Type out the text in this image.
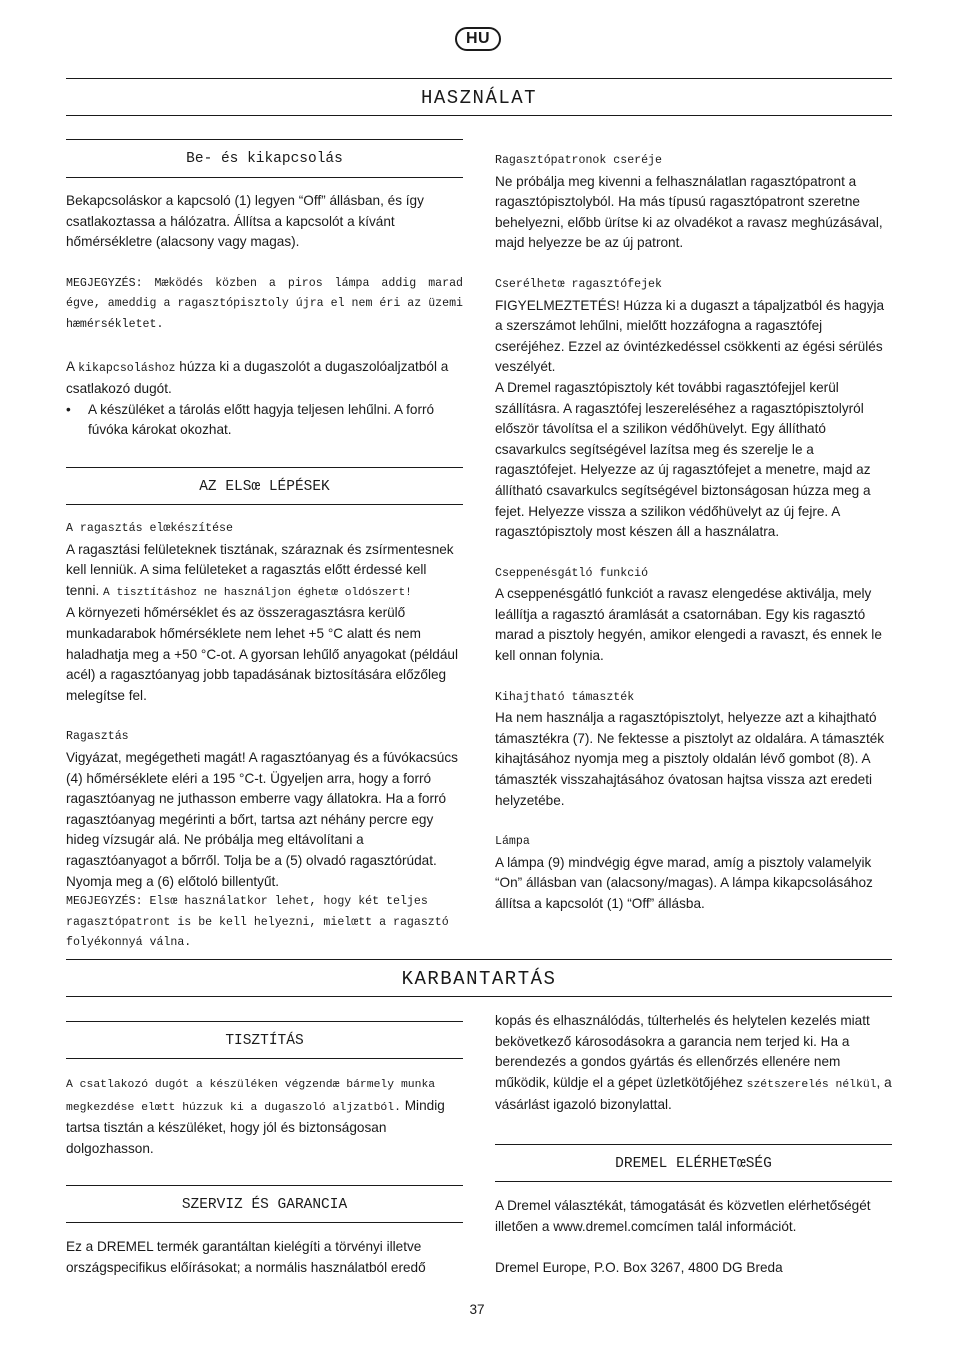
HU
HASZNÁLAT
Be- és kikapcsolás

Bekapcsoláskor a kapcsoló (1) legyen “Off” állásban, és így csatlakoztassa a hálózatra. Állítsa a kapcsolót a kívánt hőmérsékletre (alacsony vagy magas).

MEGJEGYZÉS: Mæködés közben a piros lámpa addig marad égve, ameddig a ragasztópisztoly újra el nem éri az üzemi hæmérsékletet.

A kikapcsoláshoz húzza ki a dugaszolót a dugaszolóaljzatból a csatlakozó dugót.

• A készüléket a tárolás előtt hagyja teljesen lehűlni. A forró fúvóka károkat okozhat.
AZ ELSœ LÉPÉSEK

A ragasztás elœkészítése

A ragasztási felületeknek tisztának, száraznak és zsírmentesnek kell lenniük. A sima felületeket a ragasztás előtt érdessé kell tenni. A tisztításhoz ne használjon éghetœ oldószert!

A környezeti hőmérséklet és az összeragasztásra kerülő munkadarabok hőmérséklete nem lehet +5 °C alatt és nem haladhatja meg a +50 °C-ot. A gyorsan lehűlő anyagokat (például acél) a ragasztóanyag jobb tapadásának biztosítására előzőleg melegítse fel.

Ragasztás

Vigyázat, megégetheti magát! A ragasztóanyag és a fúvókacsúcs (4) hőmérséklete eléri a 195 °C-t. Ügyeljen arra, hogy a forró ragasztóanyag ne juthasson emberre vagy állatokra. Ha a forró ragasztóanyag megérinti a bőrt, tartsa azt néhány percre egy hideg vízsugár alá. Ne próbálja meg eltávolítani a ragasztóanyagot a bőrről. Tolja be a (5) olvadó ragasztórúdat. Nyomja meg a (6) előtoló billentyűt.

MEGJEGYZÉS: Elsœ használatkor lehet, hogy két teljes ragasztópatront is be kell helyezni, mielœtt a ragasztó folyékonnyá válna.

Ragasztópatronok cseréje

Ne próbálja meg kivenni a felhasználatlan ragasztópatront a ragasztópisztolyból. Ha más típusú ragasztópatront szeretne behelyezni, előbb ürítse ki az olvadékot a ravasz meghúzásával, majd helyezze be az új patront.

Cserélhetœ ragasztófejek

FIGYELMEZTETÉS! Húzza ki a dugaszt a tápaljzatból és hagyja a szerszámot lehűlni, mielőtt hozzáfogna a ragasztófej cseréjéhez. Ezzel az óvintézkedéssel csökkenti az égési sérülés veszélyét.

A Dremel ragasztópisztoly két további ragasztófejjel kerül szállításra. A ragasztófej leszereléséhez a ragasztópisztolyról először távolítsa el a szilikon védőhüvelyt. Egy állítható csavarkulcs segítségével lazítsa meg és szerelje le a ragasztófejet. Helyezze az új ragasztófejet a menetre, majd az állítható csavarkulcs segítségével biztonságosan húzza meg a fejet. Helyezze vissza a szilikon védőhüvelyt az új fejre. A ragasztópisztoly most készen áll a használatra.

Cseppenésgátló funkció

A cseppenésgátló funkciót a ravasz elengedése aktiválja, mely leállítja a ragasztó áramlását a csatornában. Egy kis ragasztó marad a pisztoly hegyén, amikor elengedi a ravaszt, és ennek le kell onnan folynia.

Kihajtható támaszték

Ha nem használja a ragasztópisztolyt, helyezze azt a kihajtható támasztékra (7). Ne fektesse a pisztolyt az oldalára. A támaszték kihajtásához nyomja meg a pisztoly oldalán lévő gombot (8). A támaszték visszahajtásához óvatosan hajtsa vissza azt eredeti helyzetébe.

Lámpa

A lámpa (9) mindvégig égve marad, amíg a pisztoly valamelyik “On” állásban van (alacsony/magas). A lámpa kikapcsolásához állítsa a kapcsolót (1) “Off” állásba.

KARBANTARTÁS
TISZTÍTÁS

A csatlakozó dugót a készüléken végzendæ bármely munka megkezdése elœtt húzzuk ki a dugaszoló aljzatból. Mindig tartsa tisztán a készüléket, hogy jól és biztonságosan dolgozhasson.

SZERVIZ ÉS GARANCIA

Ez a DREMEL termék garantáltan kielégíti a törvényi illetve országspecifikus előírásokat; a normális használatból eredő

kopás és elhasználódás, túlterhelés és helytelen kezelés miatt bekövetkező károsodásokra a garancia nem terjed ki. Ha a berendezés a gondos gyártás és ellenőrzés ellenére nem működik, küldje el a gépet üzletkötőjéhez szétszerelés nélkül, a vásárlást igazoló bizonylattal.

DREMEL ELÉRHETœSÉG

A Dremel választékát, támogatását és közvetlen elérhetőségét illetően a www.dremel.comcímen talál információt.

Dremel Europe, P.O. Box 3267, 4800 DG Breda

37
